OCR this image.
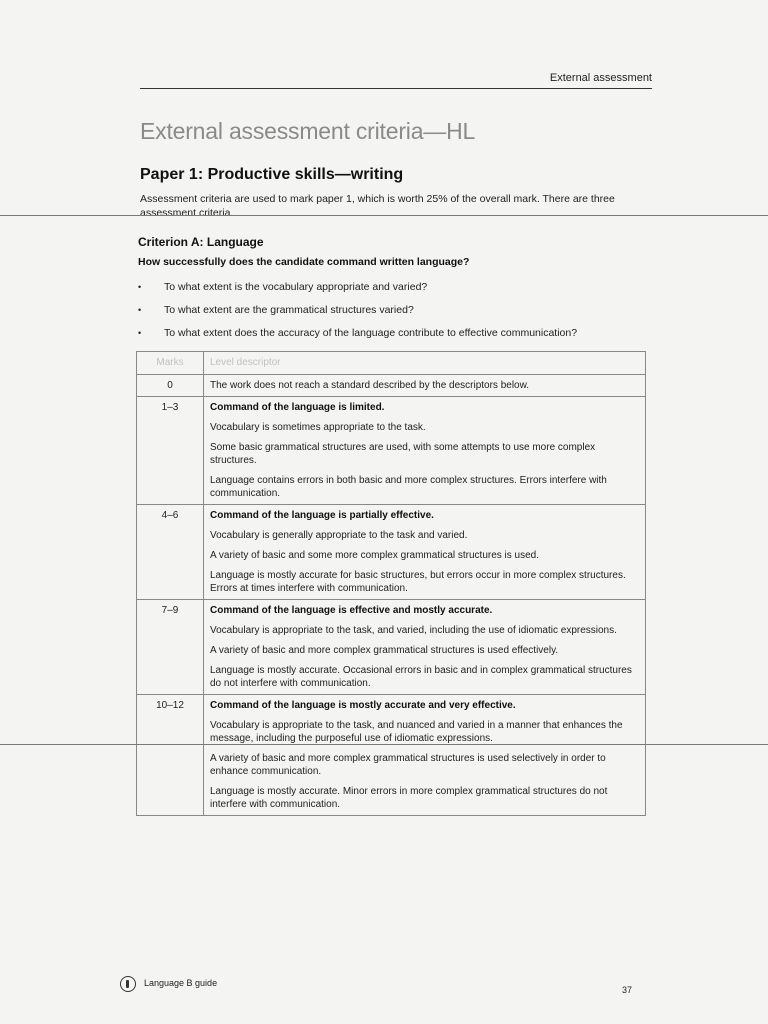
External assessment
External assessment criteria—HL
Paper 1: Productive skills—writing
Assessment criteria are used to mark paper 1, which is worth 25% of the overall mark. There are three assessment criteria.
Criterion A: Language
How successfully does the candidate command written language?
• To what extent is the vocabulary appropriate and varied?
• To what extent are the grammatical structures varied?
• To what extent does the accuracy of the language contribute to effective communication?
Marks	Level descriptor
0	The work does not reach a standard described by the descriptors below.

1–3	Command of the language is limited.

Vocabulary is sometimes appropriate to the task.

Some basic grammatical structures are used, with some attempts to use more complex structures.

Language contains errors in both basic and more complex structures. Errors interfere with communication.

4–6	Command of the language is partially effective.

Vocabulary is generally appropriate to the task and varied.

A variety of basic and some more complex grammatical structures is used.

Language is mostly accurate for basic structures, but errors occur in more complex structures. Errors at times interfere with communication.

7–9	Command of the language is effective and mostly accurate.

Vocabulary is appropriate to the task, and varied, including the use of idiomatic expressions.

A variety of basic and more complex grammatical structures is used effectively.

Language is mostly accurate. Occasional errors in basic and in complex grammatical structures do not interfere with communication.

10–12	Command of the language is mostly accurate and very effective.

Vocabulary is appropriate to the task, and nuanced and varied in a manner that enhances the message, including the purposeful use of idiomatic expressions.

A variety of basic and more complex grammatical structures is used selectively in order to enhance communication.

Language is mostly accurate. Minor errors in more complex grammatical structures do not interfere with communication.

Language B guide
37
